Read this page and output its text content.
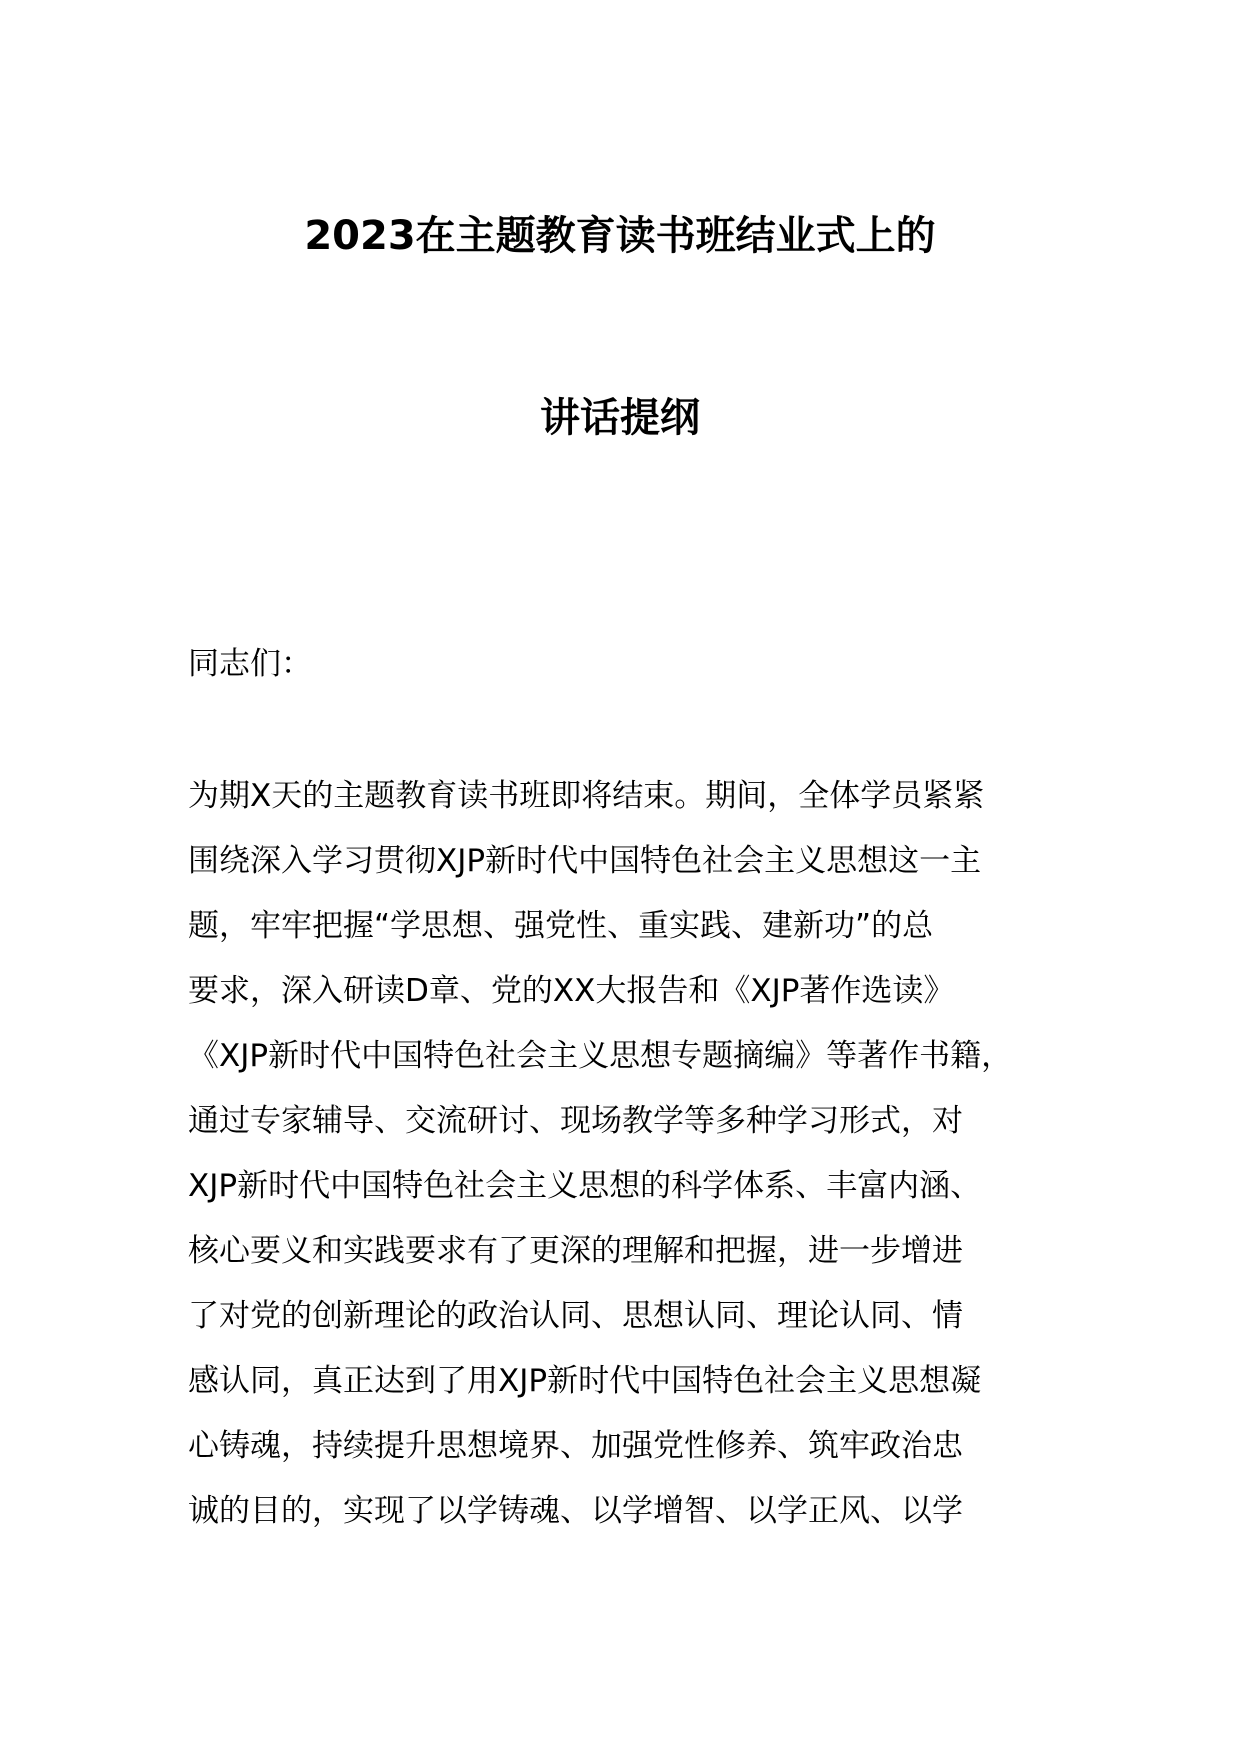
2023在主题教育读书班结业式上的
讲话提纲
同志们：
为期X天的主题教育读书班即将结束。期间，全体学员紧紧
围绕深入学习贯彻XJP新时代中国特色社会主义思想这一主
题，牢牢把握“学思想、强党性、重实践、建新功”的总
要求，深入研读D章、党的XX大报告和《XJP著作选读》
《XJP新时代中国特色社会主义思想专题摘编》等著作书籍，
通过专家辅导、交流研讨、现场教学等多种学习形式，对
XJP新时代中国特色社会主义思想的科学体系、丰富内涵、
核心要义和实践要求有了更深的理解和把握，进一步增进
了对党的创新理论的政治认同、思想认同、理论认同、情
感认同，真正达到了用XJP新时代中国特色社会主义思想凝
心铸魂，持续提升思想境界、加强党性修养、筑牢政治忠
诚的目的，实现了以学铸魂、以学增智、以学正风、以学
